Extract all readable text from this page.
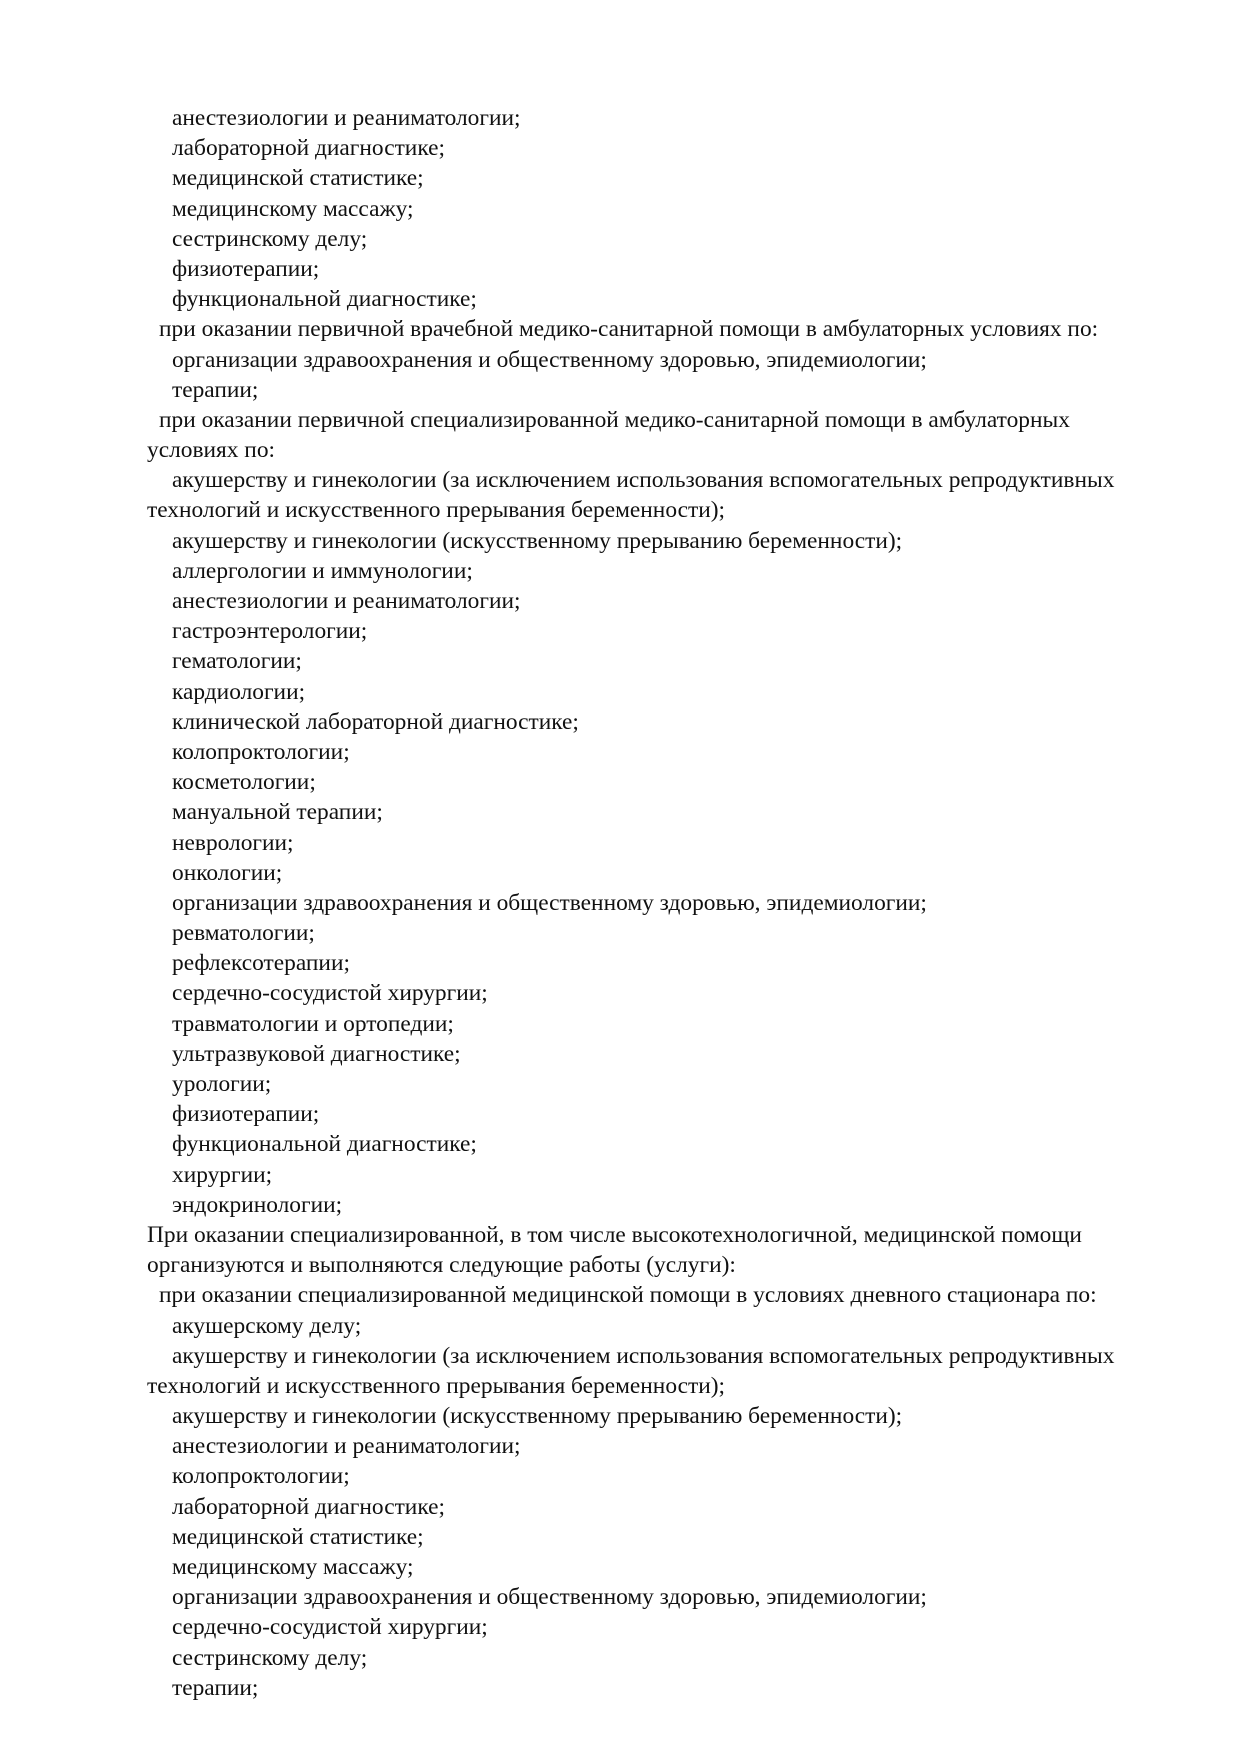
анестезиологии и реаниматологии;
лабораторной диагностике;
медицинской статистике;
медицинскому массажу;
сестринскому делу;
физиотерапии;
функциональной диагностике;
при оказании первичной врачебной медико-санитарной помощи в амбулаторных условиях по:
организации здравоохранения и общественному здоровью, эпидемиологии;
терапии;
при оказании первичной специализированной медико-санитарной помощи в амбулаторных
условиях по:
акушерству и гинекологии (за исключением использования вспомогательных репродуктивных
технологий и искусственного прерывания беременности);
акушерству и гинекологии (искусственному прерыванию беременности);
аллергологии и иммунологии;
анестезиологии и реаниматологии;
гастроэнтерологии;
гематологии;
кардиологии;
клинической лабораторной диагностике;
колопроктологии;
косметологии;
мануальной терапии;
неврологии;
онкологии;
организации здравоохранения и общественному здоровью, эпидемиологии;
ревматологии;
рефлексотерапии;
сердечно-сосудистой хирургии;
травматологии и ортопедии;
ультразвуковой диагностике;
урологии;
физиотерапии;
функциональной диагностике;
хирургии;
эндокринологии;
При оказании специализированной, в том числе высокотехнологичной, медицинской помощи
организуются и выполняются следующие работы (услуги):
при оказании специализированной медицинской помощи в условиях дневного стационара по:
акушерскому делу;
акушерству и гинекологии (за исключением использования вспомогательных репродуктивных
технологий и искусственного прерывания беременности);
акушерству и гинекологии (искусственному прерыванию беременности);
анестезиологии и реаниматологии;
колопроктологии;
лабораторной диагностике;
медицинской статистике;
медицинскому массажу;
организации здравоохранения и общественному здоровью, эпидемиологии;
сердечно-сосудистой хирургии;
сестринскому делу;
терапии;
